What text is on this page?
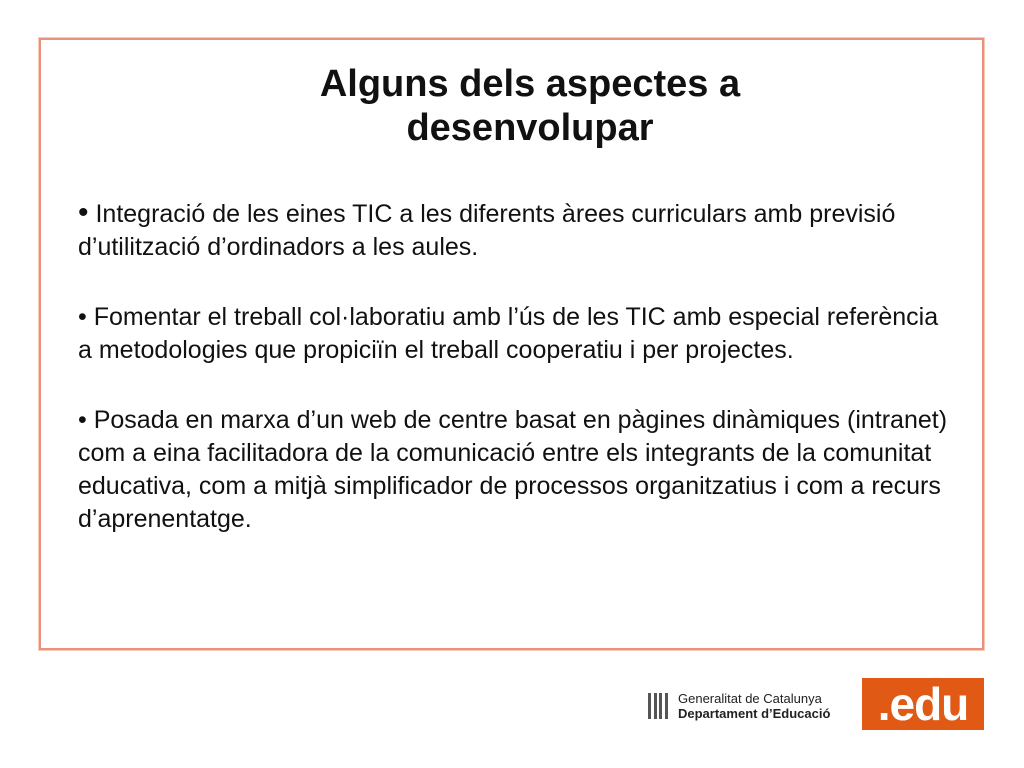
Alguns dels aspectes a desenvolupar
• Integració de les eines TIC a les diferents àrees curriculars amb previsió d’utilització d’ordinadors a les aules.
• Fomentar el treball col·laboratiu amb l’ús de les TIC amb especial referència a metodologies que propiciïn el treball cooperatiu i per projectes.
• Posada en marxa d’un web de centre basat en pàgines dinàmiques (intranet) com a eina facilitadora de la comunicació entre els integrants de la comunitat educativa, com a mitjà simplificador de processos organitzatius i com a recurs d’aprenentatge.
Generalitat de Catalunya
Departament d’Educació	.edu
